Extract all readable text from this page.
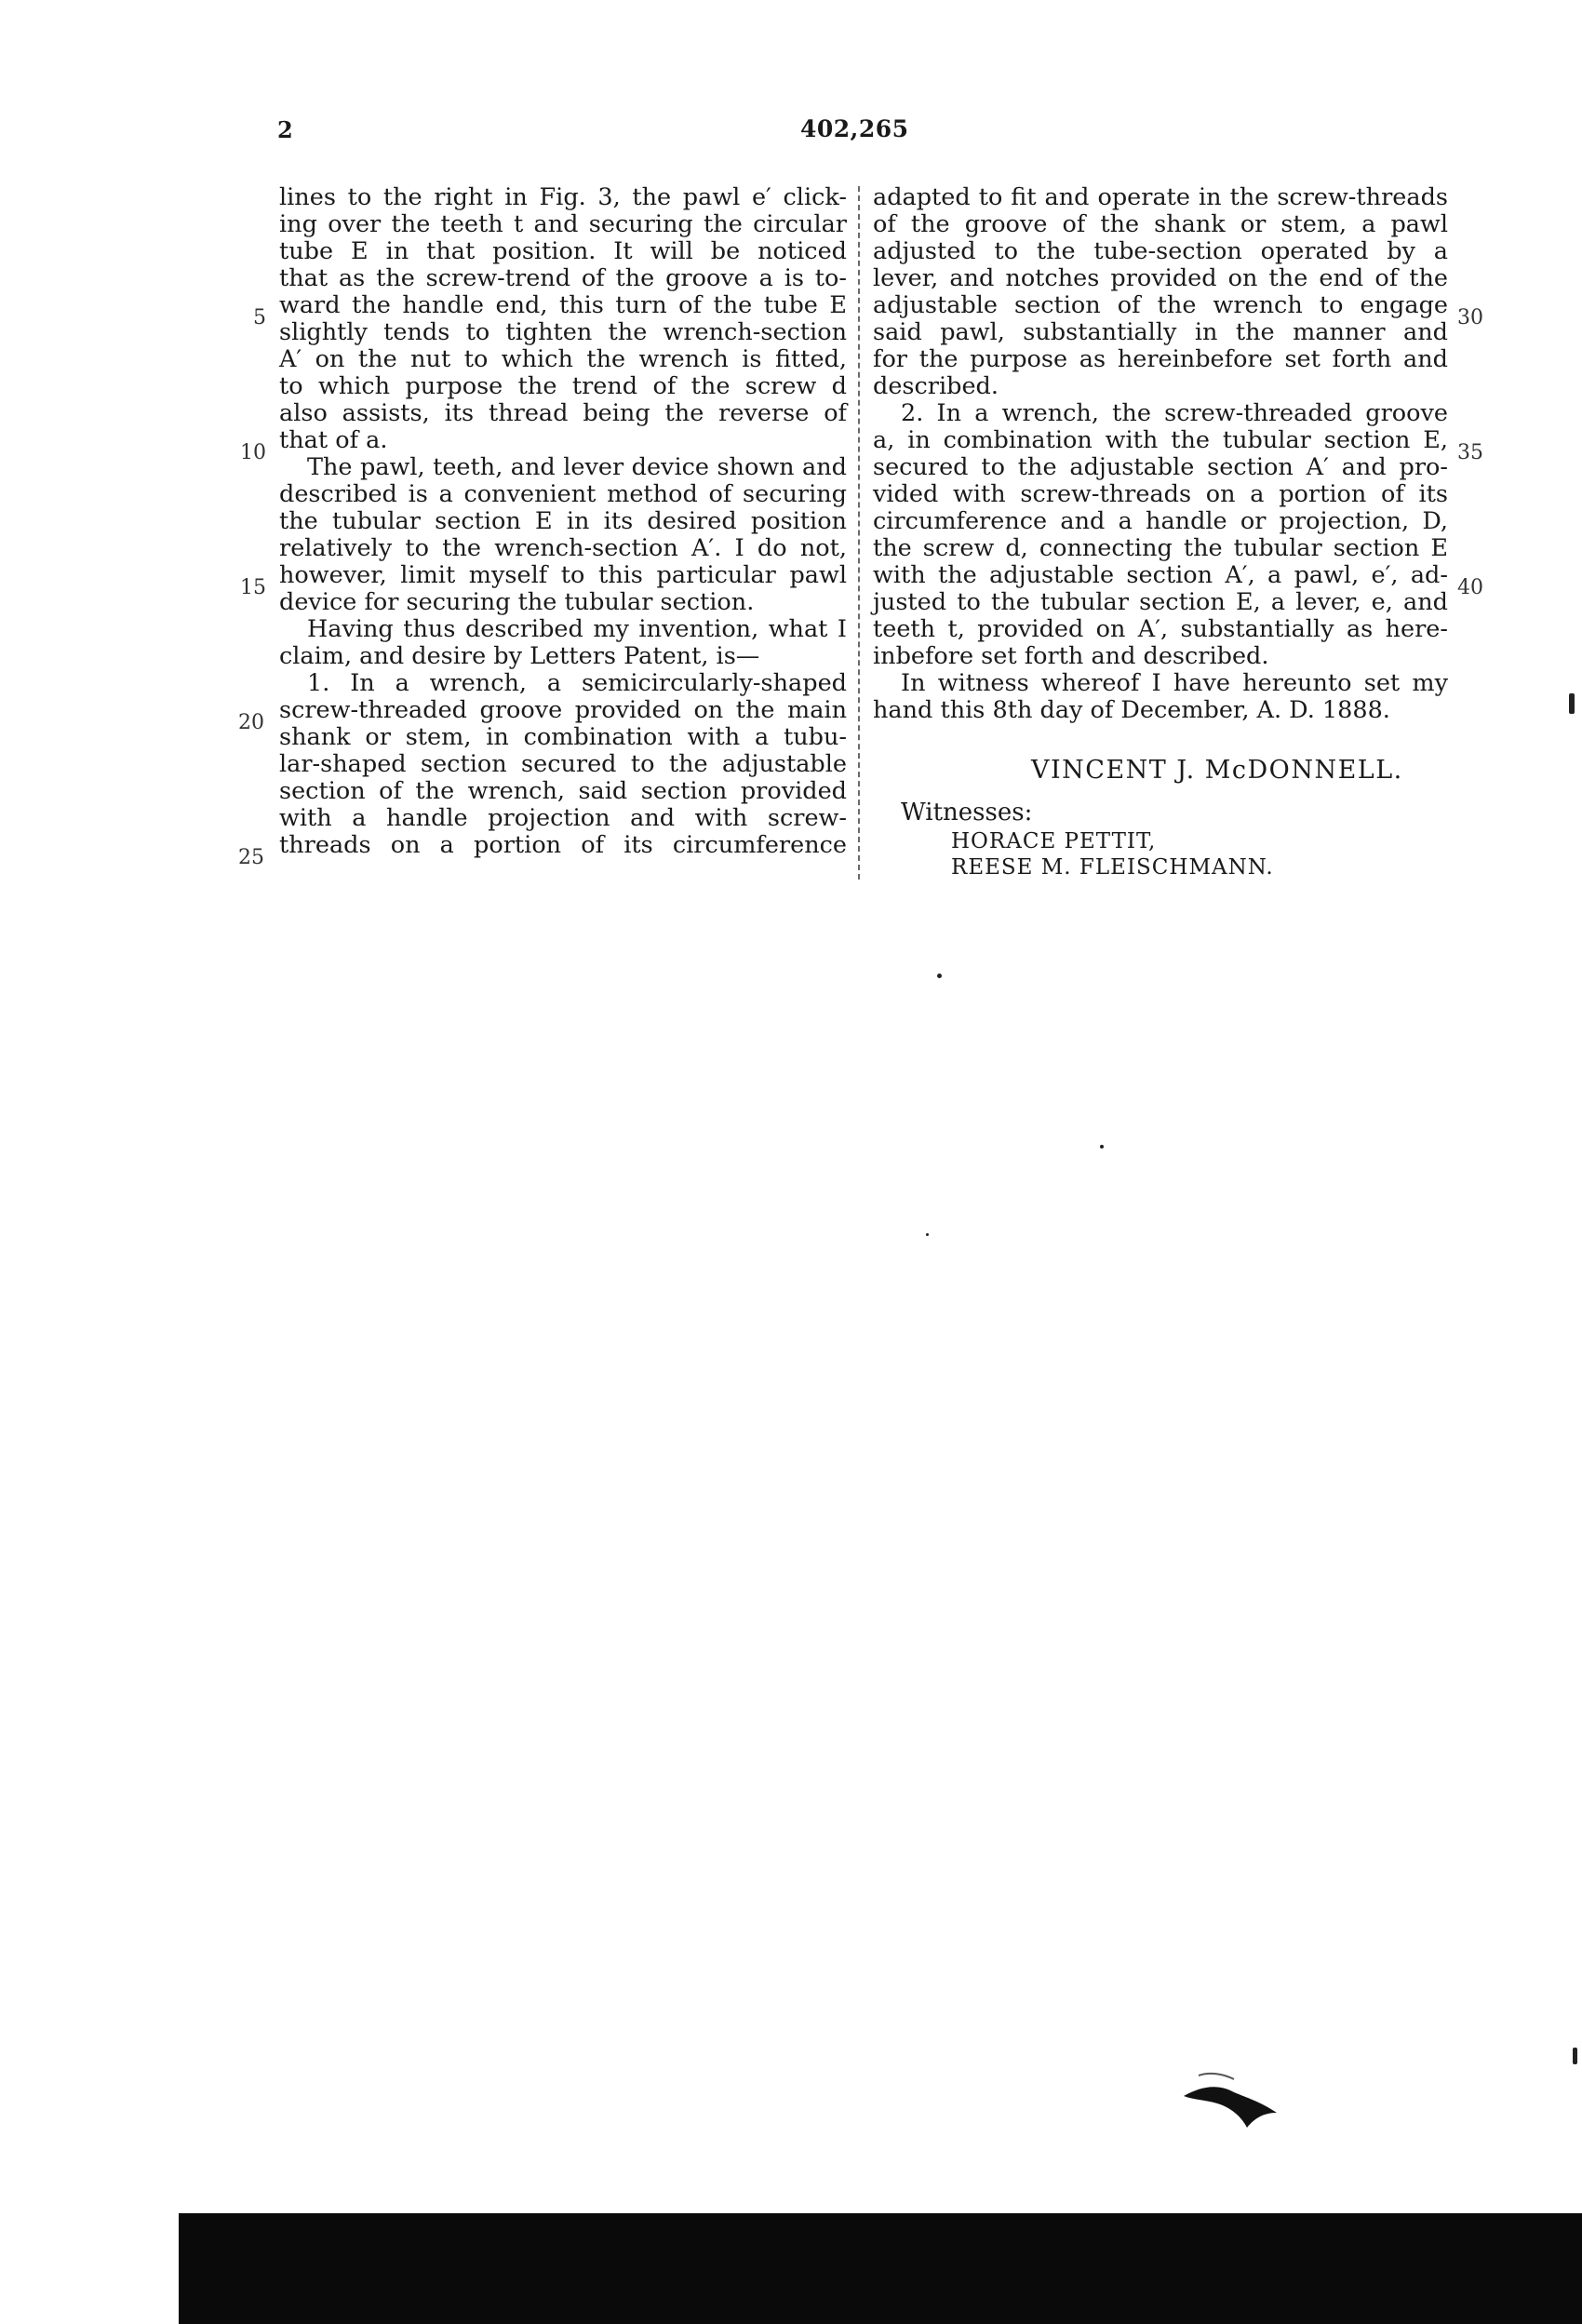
2	402,265
lines to the right in Fig. 3, the pawl e′ click-
ing over the teeth t and securing the circular
tube E in that position. It will be noticed
that as the screw-trend of the groove a is to-
ward the handle end, this turn of the tube E
slightly tends to tighten the wrench-section
A′ on the nut to which the wrench is fitted,
to which purpose the trend of the screw d
also assists, its thread being the reverse of
that of a.
The pawl, teeth, and lever device shown and
described is a convenient method of securing
the tubular section E in its desired position
relatively to the wrench-section A′. I do not,
however, limit myself to this particular pawl
device for securing the tubular section.
Having thus described my invention, what I
claim, and desire by Letters Patent, is—
1. In a wrench, a semicircularly-shaped
screw-threaded groove provided on the main
shank or stem, in combination with a tubu-
lar-shaped section secured to the adjustable
section of the wrench, said section provided
with a handle projection and with screw-
threads on a portion of its circumference
adapted to fit and operate in the screw-threads
of the groove of the shank or stem, a pawl
adjusted to the tube-section operated by a
lever, and notches provided on the end of the
adjustable section of the wrench to engage
said pawl, substantially in the manner and
for the purpose as hereinbefore set forth and
described.
2. In a wrench, the screw-threaded groove
a, in combination with the tubular section E,
secured to the adjustable section A′ and pro-
vided with screw-threads on a portion of its
circumference and a handle or projection, D,
the screw d, connecting the tubular section E
with the adjustable section A′, a pawl, e′, ad-
justed to the tubular section E, a lever, e, and
teeth t, provided on A′, substantially as here-
inbefore set forth and described.
In witness whereof I have hereunto set my
hand this 8th day of December, A. D. 1888.
5
10
15
20
25
30
35
40
VINCENT J. McDONNELL.
Witnesses:
HORACE PETTIT,
REESE M. FLEISCHMANN.
